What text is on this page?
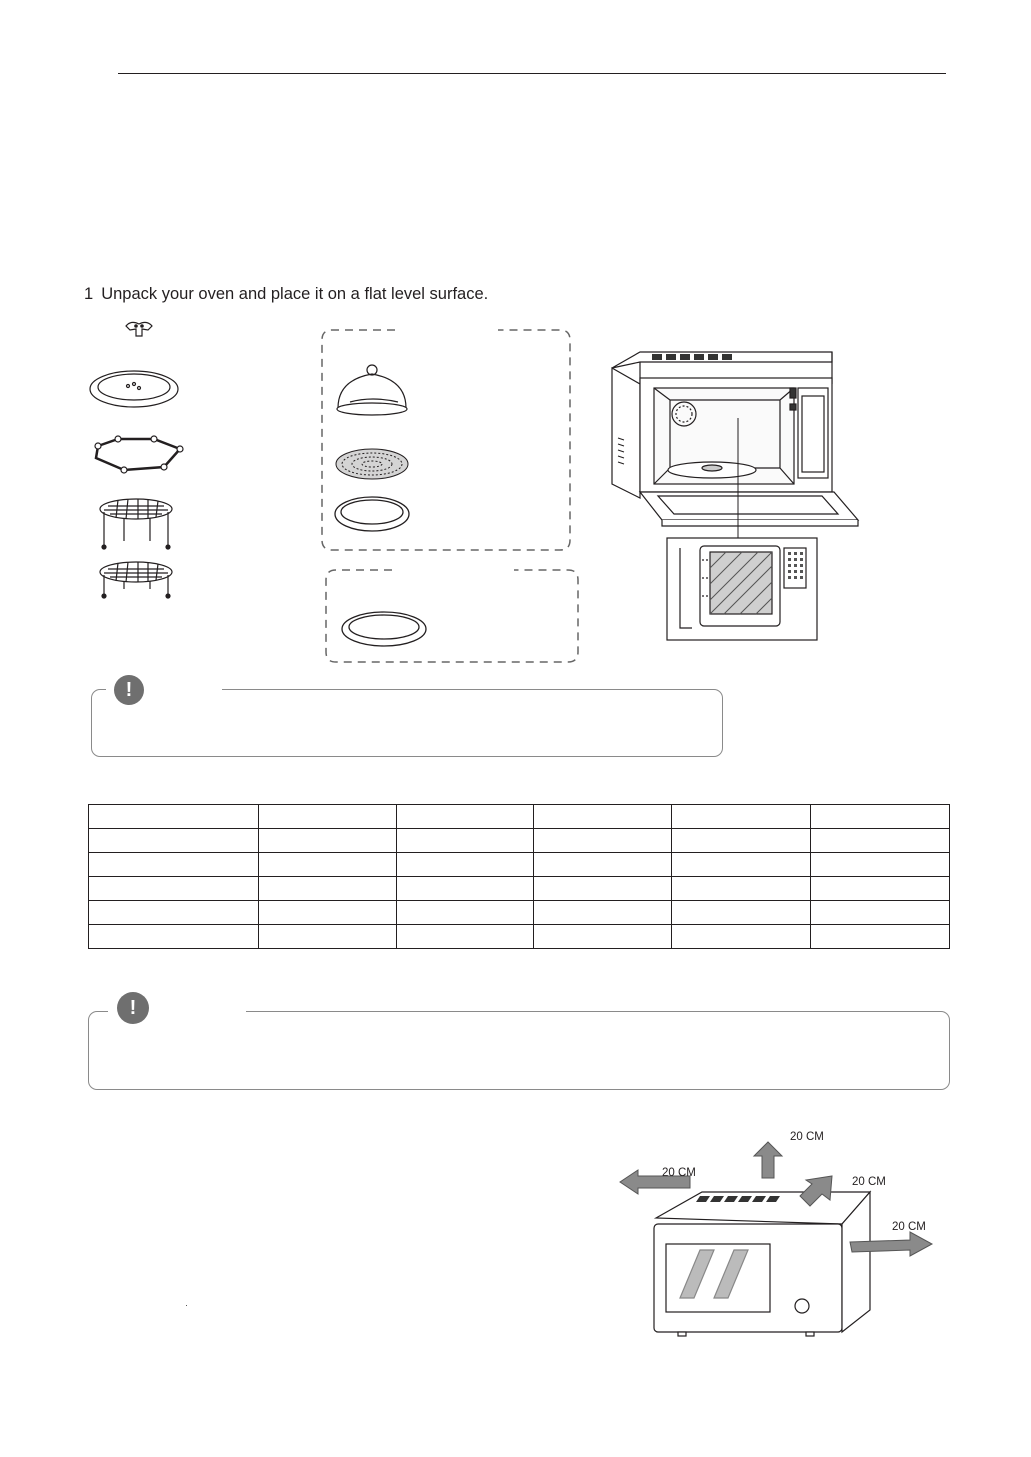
1 Unpack your oven and place it on a flat level surface.
!

!
20 CM
20 CM
20 CM
20 CM
